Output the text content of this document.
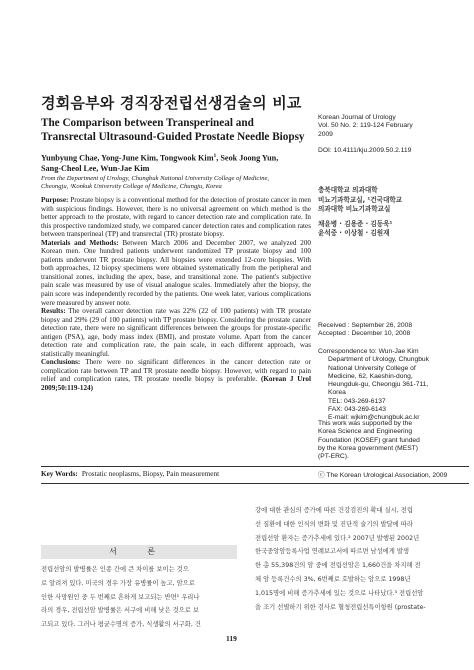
경회음부와 경직장전립선생검술의 비교
The Comparison between Transperineal and Transrectal Ultrasound-Guided Prostate Needle Biopsy
Yunbyung Chae, Yong-June Kim, Tongwook Kim$^1$, Seok Joong Yun,
Sang-Cheol Lee, Wun-Jae Kim
From the Department of Urology, Chungbuk National University College of Medicine,
Cheongju, ¹Konkuk University College of Medicine, Chungju, Korea

Purpose: Prostate biopsy is a conventional method for the detection of prostate cancer in men with suspicious findings. However, there is no universal agreement on which method is the better approach to the prostate, with regard to cancer detection rate and complication rate. In this prospective randomized study, we compared cancer detection rates and complication rates between transperineal (TP) and transrectal (TR) prostate biopsy.

Materials and Methods: Between March 2006 and December 2007, we analyzed 200 Korean men. One hundred patients underwent randomized TP prostate biopsy and 100 patients underwent TR prostate biopsy. All biopsies were extended 12-core biopsies. With both approaches, 12 biopsy specimens were obtained systematically from the peripheral and transitional zones, including the apex, base, and transitional zone. The patient's subjective pain scale was measured by use of visual analogue scales. Immediately after the biopsy, the pain score was independently recorded by the patients. One week later, various complications were measured by answer note.

Results: The overall cancer detection rate was 22% (22 of 100 patients) with TR prostate biopsy and 29% (29 of 100 patients) with TP prostate biopsy. Considering the prostate cancer detection rate, there were no significant differences between the groups for prostate-specific antigen (PSA), age, body mass index (BMI), and prostate volume. Apart from the cancer detection rate and complication rate, the pain scale, in each different approach, was statistically meaningful.

Conclusions: There were no significant differences in the cancer detection rate or complication rate between TP and TR prostate needle biopsy. However, with regard to pain relief and complication rates, TR prostate needle biopsy is preferable. (Korean J Urol 2009;50:119-124)

Key Words: Prostatic neoplasms, Biopsy, Pain measurement
Korean Journal of Urology
Vol. 50 No. 2: 119-124 February
2009
DOI: 10.4111/kju.2009.50.2.119
충북대학교 의과대학
비뇨기과학교실, ¹건국대학교
의과대학 비뇨기과학교실
채윤병 · 김용준 · 김동욱¹
윤석중 · 이상철 · 김원재
Received : September 26, 2008
Accepted : December 10, 2008
Correspondence to: Wun-Jae Kim
Department of Urology, Chungbuk
National University College of
Medicine, 62, Kaeshin-dong,
Heungduk-gu, Cheongju 361-711,
Korea
TEL: 043-269-6137
FAX: 043-269-6143
E-mail: wjkim@chungbuk.ac.kr
This work was supported by the
Korea Science and Engineering
Foundation (KOSEF) grant funded
by the Korea government (MEST)
(PT-ERC).
ⓒ The Korean Urological Association, 2009
서 론
전립선암의 발병률은 인종 간에 큰 차이를 보이는 것으
로 알려져 있다. 미국의 경우 가장 유병률이 높고, 암으로
인한 사망원인 중 두 번째로 흔하게 보고되는 반면¹ 우리나
라의 경우, 전립선암 발병률은 서구에 비해 낮은 것으로 보
고되고 있다. 그러나 평균수명의 증가, 식생활의 서구화, 건
강에 대한 관심의 증가에 따른 건강검진의 확대 실시, 전립
선 질환에 대한 인식의 변화 및 진단적 술기의 발달에 따라
전립선암 환자는 증가추세에 있다.² 2007년 발행된 2002년
한국중앙암등록사업 연례보고서에 따르면 남성에게 발생
한 총 55,398건의 암 중에 전립선암은 1,660건을 차지해 전
체 암 등록건수의 3%, 6번째로 호발하는 암으로 1998년
1,015명에 비해 증가추세에 있는 것으로 나타났다.³ 전립선암
을 조기 선별하기 위한 검사로 혈청전립선특이항원 (prostate-
119
